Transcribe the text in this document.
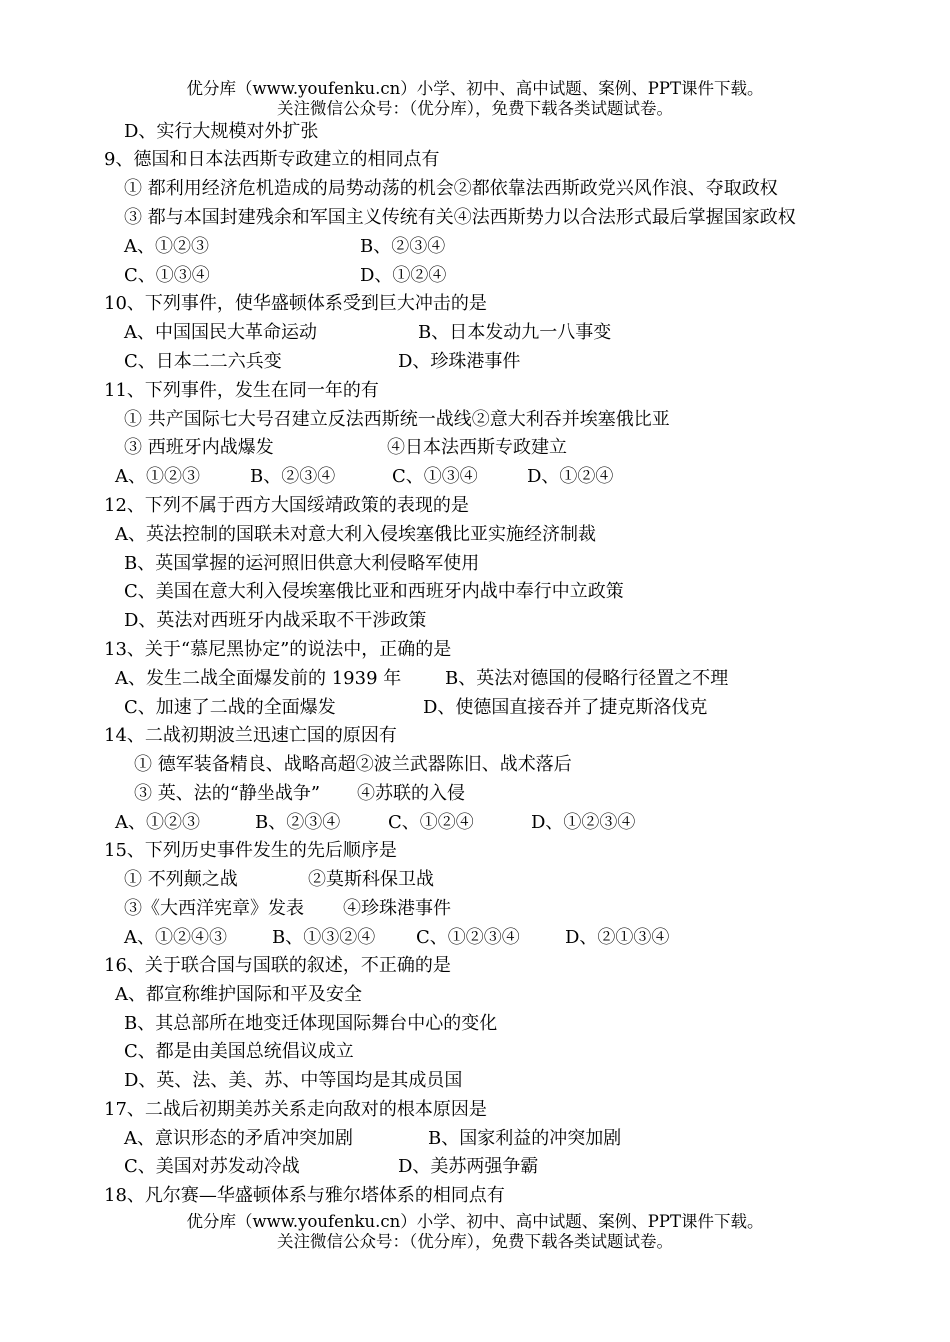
优分库（www.youfenku.cn）小学、初中、高中试题、案例、PPT课件下载。
关注微信公众号：（优分库），免费下载各类试题试卷。
D、实行大规模对外扩张
9、德国和日本法西斯专政建立的相同点有
① 都利用经济危机造成的局势动荡的机会②都依靠法西斯政党兴风作浪、夺取政权
③ 都与本国封建残余和军国主义传统有关④法西斯势力以合法形式最后掌握国家政权
A、①②③	B、②③④
C、①③④	D、①②④
10、下列事件，使华盛顿体系受到巨大冲击的是
A、中国国民大革命运动	B、日本发动九一八事变
C、日本二二六兵变	D、珍珠港事件
11、下列事件，发生在同一年的有
① 共产国际七大号召建立反法西斯统一战线②意大利吞并埃塞俄比亚
③ 西班牙内战爆发	④日本法西斯专政建立
A、①②③	B、②③④	C、①③④	D、①②④
12、下列不属于西方大国绥靖政策的表现的是
A、英法控制的国联未对意大利入侵埃塞俄比亚实施经济制裁
B、英国掌握的运河照旧供意大利侵略军使用
C、美国在意大利入侵埃塞俄比亚和西班牙内战中奉行中立政策
D、英法对西班牙内战采取不干涉政策
13、关于“慕尼黑协定”的说法中，正确的是
A、发生二战全面爆发前的 1939 年 B、英法对德国的侵略行径置之不理
C、加速了二战的全面爆发	D、使德国直接吞并了捷克斯洛伐克
14、二战初期波兰迅速亡国的原因有
① 德军装备精良、战略高超②波兰武器陈旧、战术落后
③ 英、法的“静坐战争” ④苏联的入侵
A、①②③	B、②③④	C、①②④	D、①②③④
15、下列历史事件发生的先后顺序是
① 不列颠之战	②莫斯科保卫战
③《大西洋宪章》发表 ④珍珠港事件
A、①②④③	B、①③②④ C、①②③④	D、②①③④
16、关于联合国与国联的叙述，不正确的是
A、都宣称维护国际和平及安全
B、其总部所在地变迁体现国际舞台中心的变化
C、都是由美国总统倡议成立
D、英、法、美、苏、中等国均是其成员国
17、二战后初期美苏关系走向敌对的根本原因是
A、意识形态的矛盾冲突加剧	B、国家利益的冲突加剧
C、美国对苏发动冷战	D、美苏两强争霸
18、凡尔赛—华盛顿体系与雅尔塔体系的相同点有
优分库（www.youfenku.cn）小学、初中、高中试题、案例、PPT课件下载。
关注微信公众号：（优分库），免费下载各类试题试卷。
